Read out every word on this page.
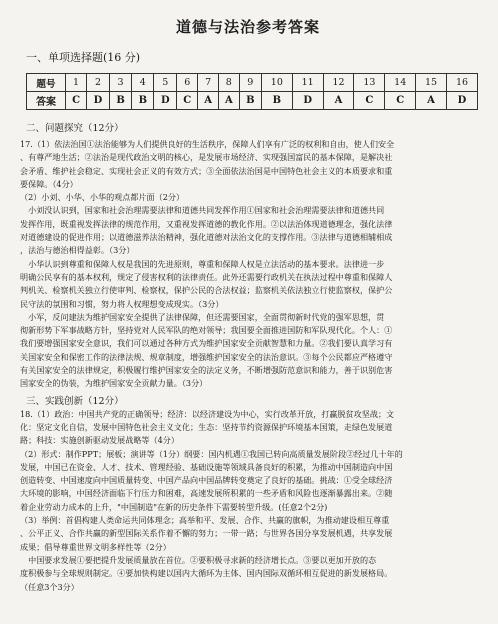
道德与法治参考答案
一、单项选择题(16 分)
题号	1	2	3	4	5	6	7	8	9	10	11	12	13	14	15	16
答案	C	D	B	B	D	C	A	A	B	B	D	A	C	C	A	D
二、问题探究（12分）

17.（1）依法治国①法治能够为人们提供良好的生活秩序，保障人们享有广泛的权利和自由，使人们安全

、有尊严地生活；②法治是现代政治文明的核心，是发展市场经济、实现强国富民的基本保障，是解决社

会矛盾、维护社会稳定、实现社会正义的有效方式；③全面依法治国是中国特色社会主义的本质要求和重

要保障。（4分）

（2）小刘、小华、小华的观点都片面（2分）

　小刘没认识到，国家和社会治理需要法律和道德共同发挥作用①国家和社会治理需要法律和道德共同

发挥作用，既重视发挥法律的规范作用，又重视发挥道德的教化作用。②以法治体现道德理念，强化法律

对道德建设的促进作用；以道德滋养法治精神，强化道德对法治文化的支撑作用。③法律与道德相辅相成

，法治与德治相得益彰。（3分）

　小华认识到尊重和保障人权是我国的先进原则，尊重和保障人权是立法活动的基本要求。法律进一步

明确公民享有的基本权利，规定了侵害权利的法律责任。此外还需要行政机关在执法过程中尊重和保障人

判机关、检察机关独立行使审判、检察权，保护公民的合法权益；监察机关依法独立行使监察权，保护公

民守法的氛围和习惯，努力将人权理想变成现实。（3分）

　小军，反问建法为维护国家安全提供了法律保障，但还需要国家，全面贯彻新时代党的强军思想，贯

彻新形势下军事战略方针，坚持党对人民军队的绝对领导；我国要全面推进国防和军队现代化。个人：①

我们要增强国家安全意识，我们可以通过各种方式为维护国家安全贡献智慧和力量。②我们要认真学习有

关国家安全和保密工作的法律法规、规章制度，增强维护国家安全的法治意识。③每个公民都应严格遵守

有关国家安全的法律规定，积极履行维护国家安全的法定义务，不断增强防范意识和能力，善于识别危害

国家安全的伪装，为维护国家安全贡献力量。（3分）

三、实践创新（12分）

18.（1）政治：中国共产党的正确领导；经济：以经济建设为中心，实行改革开放，打赢脱贫攻坚战；文

化：坚定文化自信，发展中国特色社会主义文化；生态：坚持节约资源保护环境基本国策，走绿色发展道

路；科技：实施创新驱动发展战略等（4分）

（2）形式：制作PPT；展板；演讲等（1分）纲要：国内机遇①我国已转向高质量发展阶段②经过几十年的

发展，中国已在资金、人才、技术、管理经验、基础设施等领域具备良好的积累，为推动中国制造向中国

创造转变、中国速度向中国质量转变、中国产品向中国品牌转变奠定了良好的基础。挑战：①受全球经济

大环境的影响，中国经济面临下行压力和困难，高速发展所积累的一些矛盾和风险也逐渐暴露出来。②随

着企业劳动力成本的上升，"中国制造"在新的历史条件下需要转型升级。(任意2个2分)

（3）举例：首倡构建人类命运共同体理念；高举和平、发展、合作、共赢的旗帜，为推动建设相互尊重

、公平正义、合作共赢的新型国际关系作着不懈的努力；一带一路；与世界各国分享发展机遇，共享发展

成果；倡导尊重世界文明多样性等（2分）

　中国要求发展①要把提升发展质量放在首位。②要积极寻求新的经济增长点。③要以更加开放的态

度积极参与全球规则制定。④要加快构建以国内大循环为主体、国内国际双循环相互促进的新发展格局。

（任意3个3分）
